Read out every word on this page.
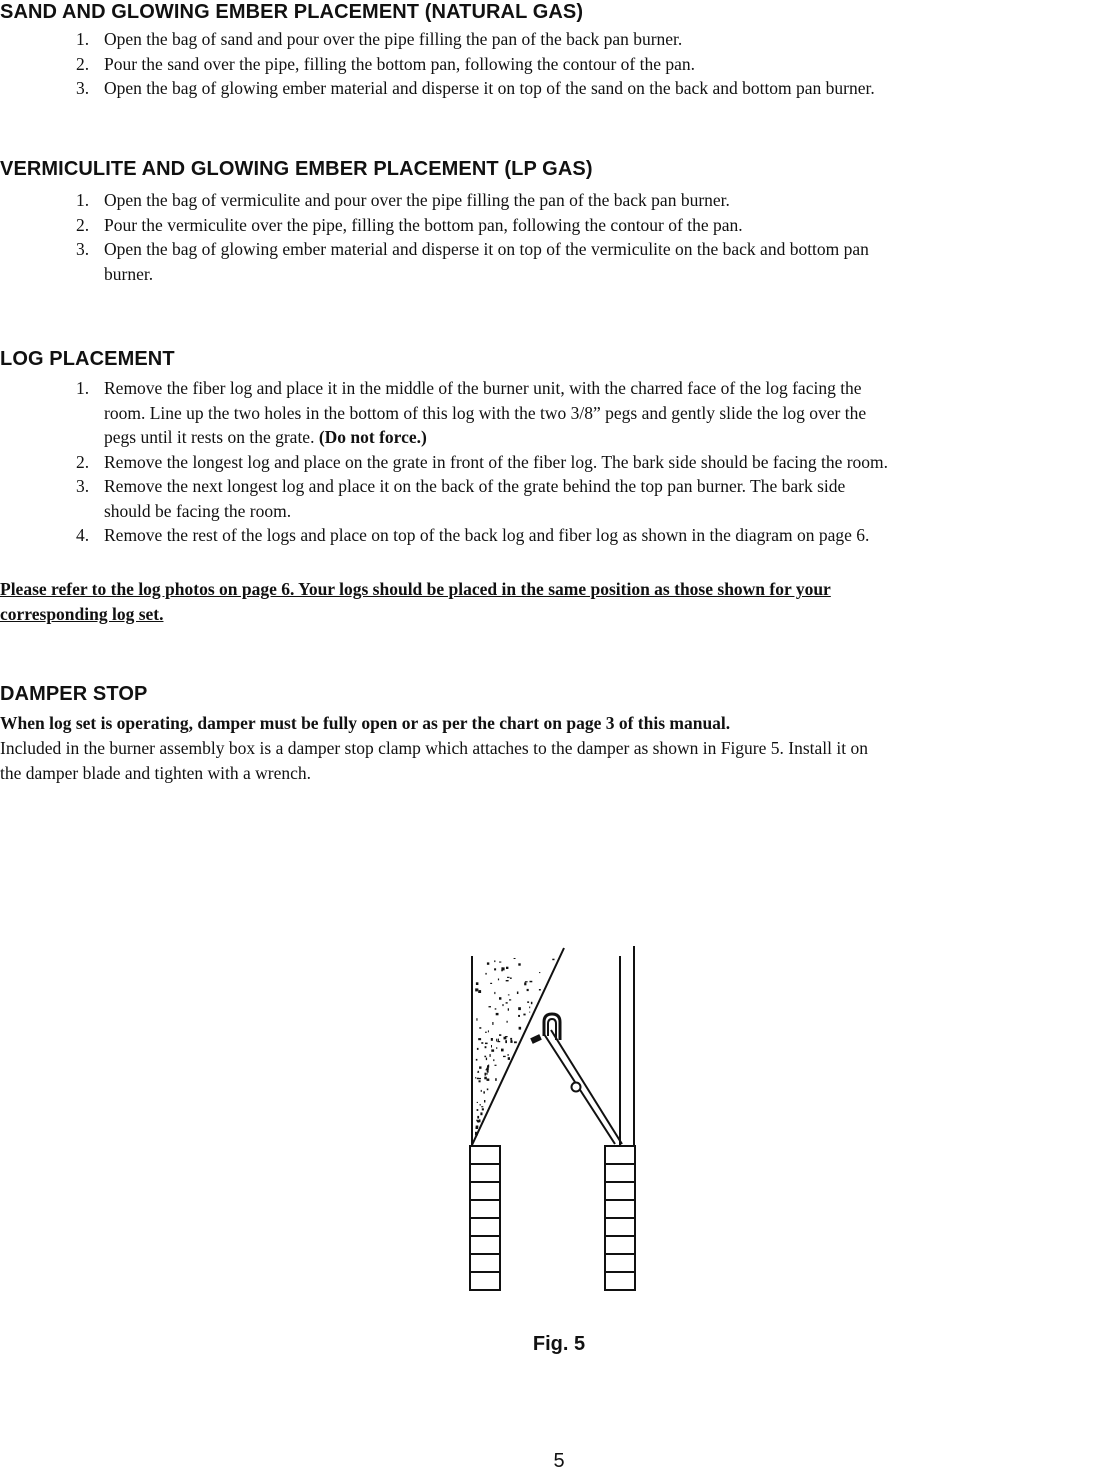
SAND AND GLOWING EMBER PLACEMENT (NATURAL GAS)
1. Open the bag of sand and pour over the pipe filling the pan of the back pan burner.
2. Pour the sand over the pipe, filling the bottom pan, following the contour of the pan.
3. Open the bag of glowing ember material and disperse it on top of the sand on the back and bottom pan burner.
VERMICULITE AND GLOWING EMBER PLACEMENT (LP GAS)
1. Open the bag of vermiculite and pour over the pipe filling the pan of the back pan burner.
2. Pour the vermiculite over the pipe, filling the bottom pan, following the contour of the pan.
3. Open the bag of glowing ember material and disperse it on top of the vermiculite on the back and bottom pan
burner.
LOG PLACEMENT
1. Remove the fiber log and place it in the middle of the burner unit, with the charred face of the log facing the
room. Line up the two holes in the bottom of this log with the two 3/8” pegs and gently slide the log over the
pegs until it rests on the grate. (Do not force.)
2. Remove the longest log and place on the grate in front of the fiber log. The bark side should be facing the room.
3. Remove the next longest log and place it on the back of the grate behind the top pan burner. The bark side
should be facing the room.
4. Remove the rest of the logs and place on top of the back log and fiber log as shown in the diagram on page 6.

Please refer to the log photos on page 6. Your logs should be placed in the same position as those shown for your
corresponding log set.

DAMPER STOP

When log set is operating, damper must be fully open or as per the chart on page 3 of this manual.

Included in the burner assembly box is a damper stop clamp which attaches to the damper as shown in Figure 5. Install it on
the damper blade and tighten with a wrench.

Fig. 5
5
